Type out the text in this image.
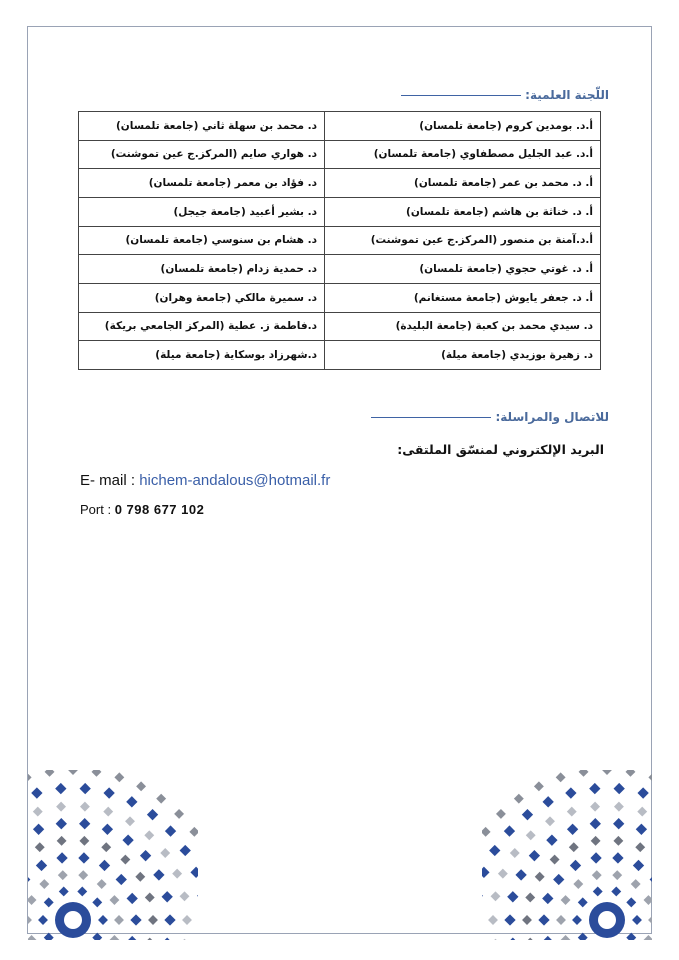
اللّجنة العلمية:
أ.د. بومدين كروم (جامعة تلمسان)	د. محمد بن سهلة ثاني (جامعة تلمسان)
أ.د. عبد الجليل مصطفاوي (جامعة تلمسان)	د. هواري صايم (المركز.ج عين تموشنت)
أ. د. محمد بن عمر (جامعة تلمسان)	د. فؤاد بن معمر (جامعة تلمسان)
أ. د. خناثة بن هاشم (جامعة تلمسان)	د. بشير أعبيد (جامعة جيجل)
أ.د.آمنة بن منصور (المركز.ج عين تموشنت)	د. هشام بن سنوسي (جامعة تلمسان)
أ. د. غوتي حجوي (جامعة تلمسان)	د. حمدية زدام (جامعة تلمسان)
أ. د. جعفر يايوش (جامعة مستغانم)	د. سميرة مالكي (جامعة وهران)
د. سيدي محمد بن كعبة (جامعة البليدة)	د.فاطمة ز. عطية (المركز الجامعي بريكة)
د. زهيرة بوزيدي (جامعة ميلة)	د.شهرزاد بوسكاية (جامعة ميلة)
للاتصال والمراسلة:
البريد الإلكتروني لمنسّق الملتقى:
E- mail : hichem-andalous@hotmail.fr
Port : 0 798 677 102
